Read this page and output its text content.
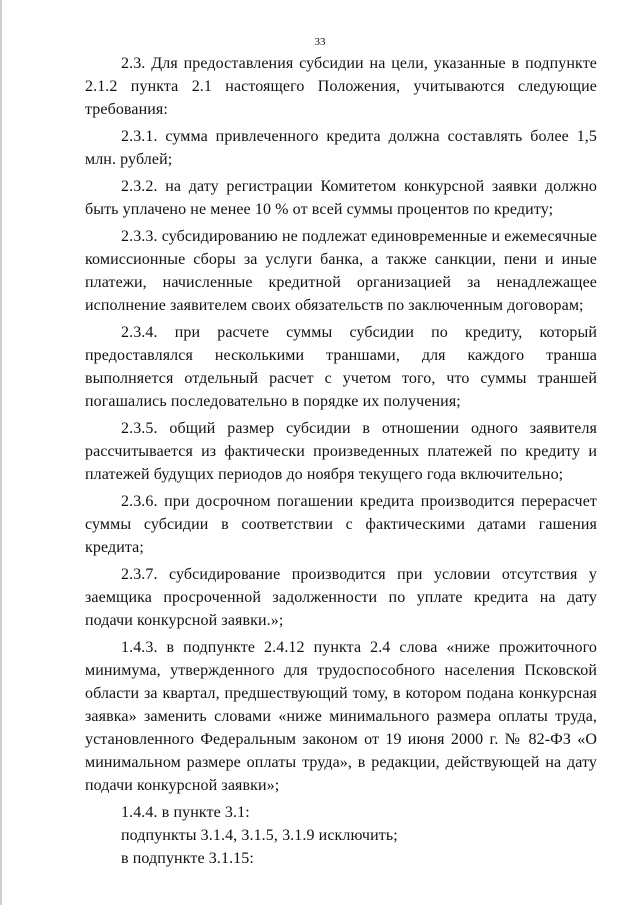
33

2.3. Для предоставления субсидии на цели, указанные в подпункте 2.1.2 пункта 2.1 настоящего Положения, учитываются следующие требования:

2.3.1. сумма привлеченного кредита должна составлять более 1,5 млн. рублей;

2.3.2. на дату регистрации Комитетом конкурсной заявки должно быть уплачено не менее 10 % от всей суммы процентов по кредиту;

2.3.3. субсидированию не подлежат единовременные и ежемесячные комиссионные сборы за услуги банка, а также санкции, пени и иные платежи, начисленные кредитной организацией за ненадлежащее исполнение заявителем своих обязательств по заключенным договорам;

2.3.4. при расчете суммы субсидии по кредиту, который предоставлялся несколькими траншами, для каждого транша выполняется отдельный расчет с учетом того, что суммы траншей погашались последовательно в порядке их получения;

2.3.5. общий размер субсидии в отношении одного заявителя рассчитывается из фактически произведенных платежей по кредиту и платежей будущих периодов до ноября текущего года включительно;

2.3.6. при досрочном погашении кредита производится перерасчет суммы субсидии в соответствии с фактическими датами гашения кредита;

2.3.7. субсидирование производится при условии отсутствия у заемщика просроченной задолженности по уплате кредита на дату подачи конкурсной заявки.»;

1.4.3. в подпункте 2.4.12 пункта 2.4 слова «ниже прожиточного минимума, утвержденного для трудоспособного населения Псковской области за квартал, предшествующий тому, в котором подана конкурсная заявка» заменить словами «ниже минимального размера оплаты труда, установленного Федеральным законом от 19 июня 2000 г. № 82-ФЗ «О минимальном размере оплаты труда», в редакции, действующей на дату подачи конкурсной заявки»;

1.4.4. в пункте 3.1:

подпункты 3.1.4, 3.1.5, 3.1.9 исключить;

в подпункте 3.1.15:
